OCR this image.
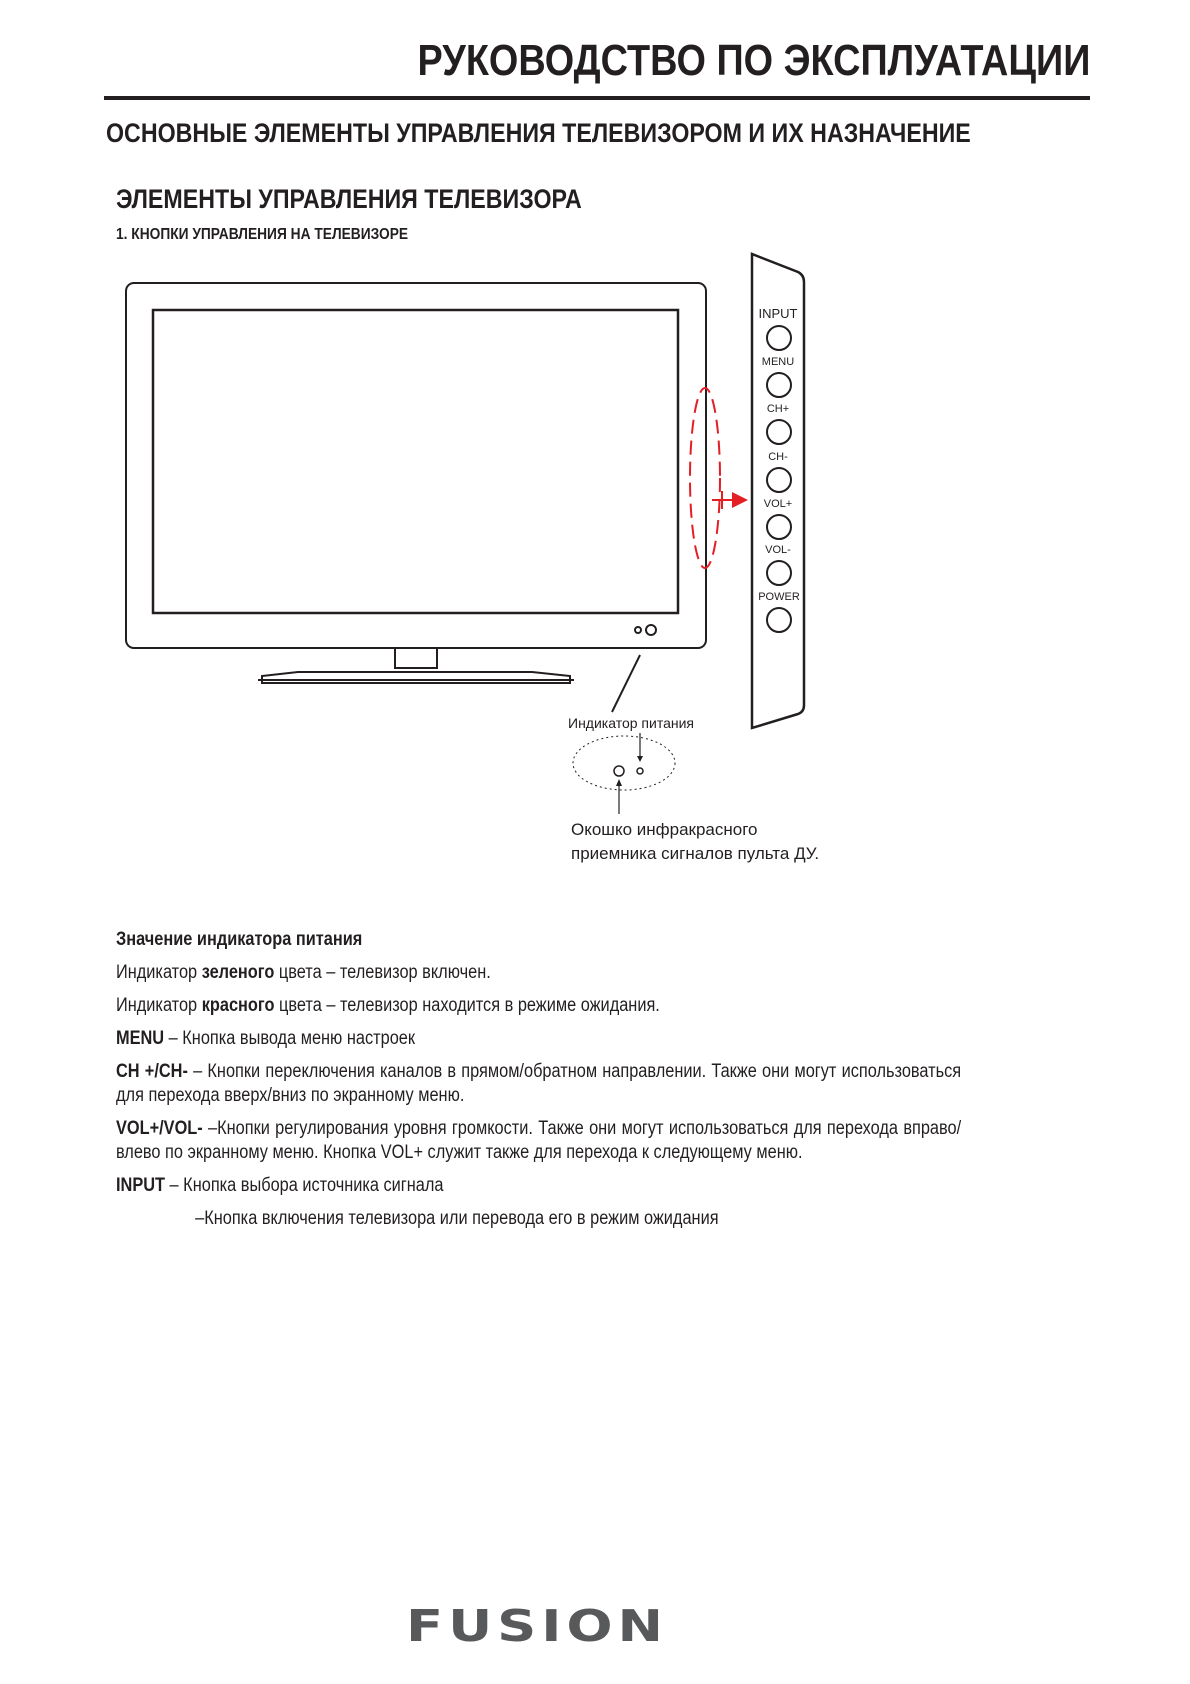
РУКОВОДСТВО ПО ЭКСПЛУАТАЦИИ
ОСНОВНЫЕ ЭЛЕМЕНТЫ УПРАВЛЕНИЯ ТЕЛЕВИЗОРОМ И ИХ НАЗНАЧЕНИЕ
ЭЛЕМЕНТЫ УПРАВЛЕНИЯ ТЕЛЕВИЗОРА
1. КНОПКИ УПРАВЛЕНИЯ НА ТЕЛЕВИЗОРЕ
INPUT
MENU
CH+
CH-
VOL+
VOL-
POWER
Индикатор питания
Окошко инфракрасного
приемника сигналов пульта ДУ.
Значение индикатора питания
Индикатор зеленого цвета – телевизор включен.
Индикатор красного цвета – телевизор находится в режиме ожидания.
MENU – Кнопка вывода меню настроек
CH +/CH- – Кнопки переключения каналов в прямом/обратном направлении. Также они могут использоваться для перехода вверх/вниз по экранному меню.
VOL+/VOL- –Кнопки регулирования уровня громкости. Также они могут использоваться для перехода вправо/влево по экранному меню. Кнопка VOL+ служит также для перехода к следующему меню.
INPUT – Кнопка выбора источника сигнала
–Кнопка включения телевизора или перевода его в режим ожидания
FUSION
